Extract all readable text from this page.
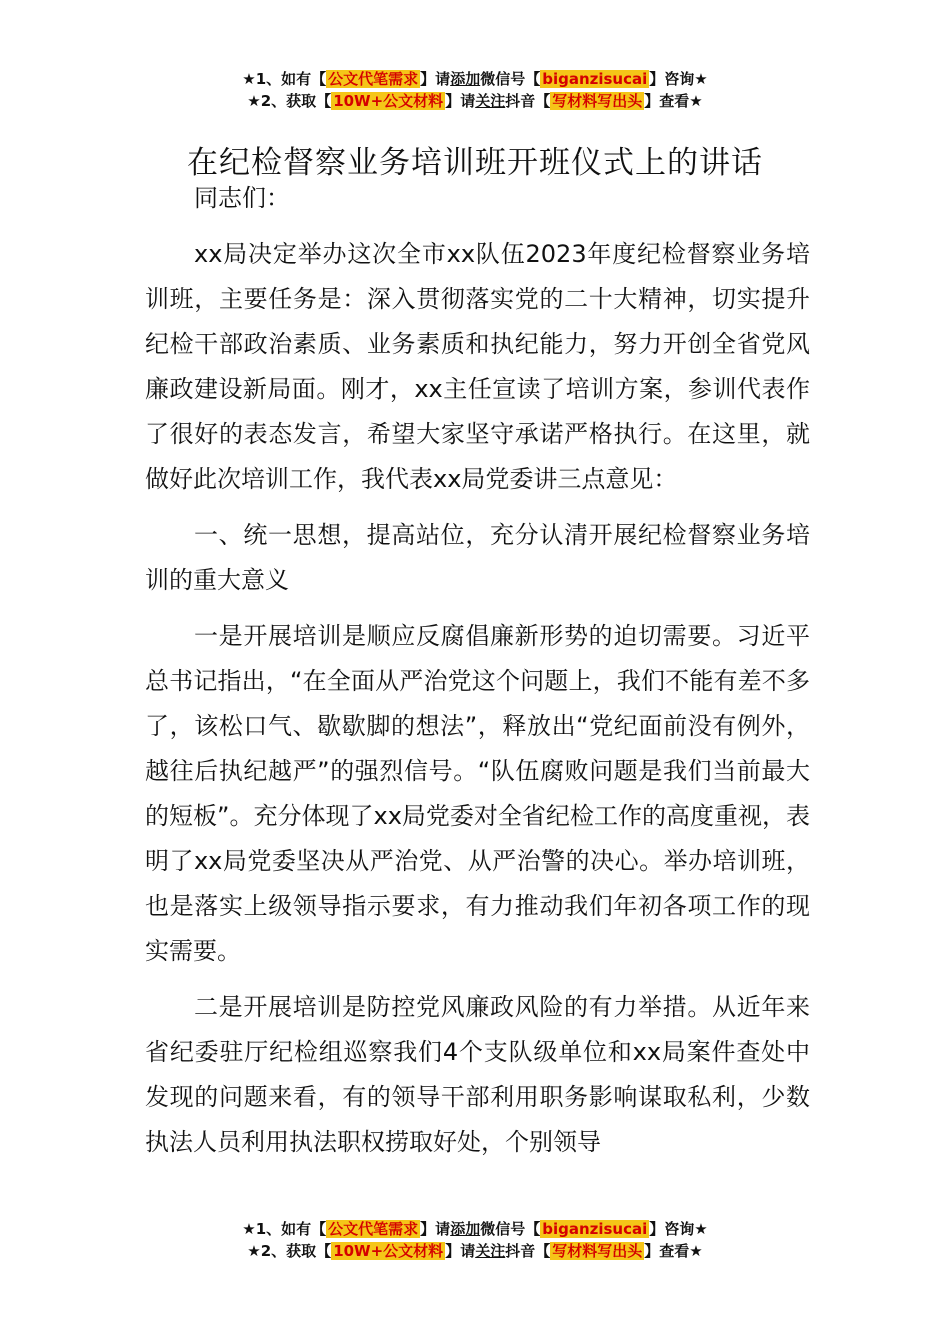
★1、如有【 公文代笔需求 】请添加微信号【 biganzisucai 】咨询★
★2、获取【 10W+公文材料 】请关注抖音【 写材料写出头 】查看★
在纪检督察业务培训班开班仪式上的讲话

同志们：

xx局决定举办这次全市xx队伍2023年度纪检督察业务培训班，主要任务是：深入贯彻落实党的二十大精神，切实提升纪检干部政治素质、业务素质和执纪能力，努力开创全省党风廉政建设新局面。刚才，xx主任宣读了培训方案，参训代表作了很好的表态发言，希望大家坚守承诺严格执行。在这里，就做好此次培训工作，我代表xx局党委讲三点意见：

一、统一思想，提高站位，充分认清开展纪检督察业务培训的重大意义

一是开展培训是顺应反腐倡廉新形势的迫切需要。习近平总书记指出，“在全面从严治党这个问题上，我们不能有差不多了，该松口气、歇歇脚的想法”，释放出“党纪面前没有例外，越往后执纪越严”的强烈信号。“队伍腐败问题是我们当前最大的短板”。充分体现了xx局党委对全省纪检工作的高度重视，表明了xx局党委坚决从严治党、从严治警的决心。举办培训班，也是落实上级领导指示要求，有力推动我们年初各项工作的现实需要。

二是开展培训是防控党风廉政风险的有力举措。从近年来省纪委驻厅纪检组巡察我们4个支队级单位和xx局案件查处中发现的问题来看，有的领导干部利用职务影响谋取私利，少数执法人员利用执法职权捞取好处，个别领导

★1、如有【 公文代笔需求 】请添加微信号【 biganzisucai 】咨询★
★2、获取【 10W+公文材料 】请关注抖音【 写材料写出头 】查看★
